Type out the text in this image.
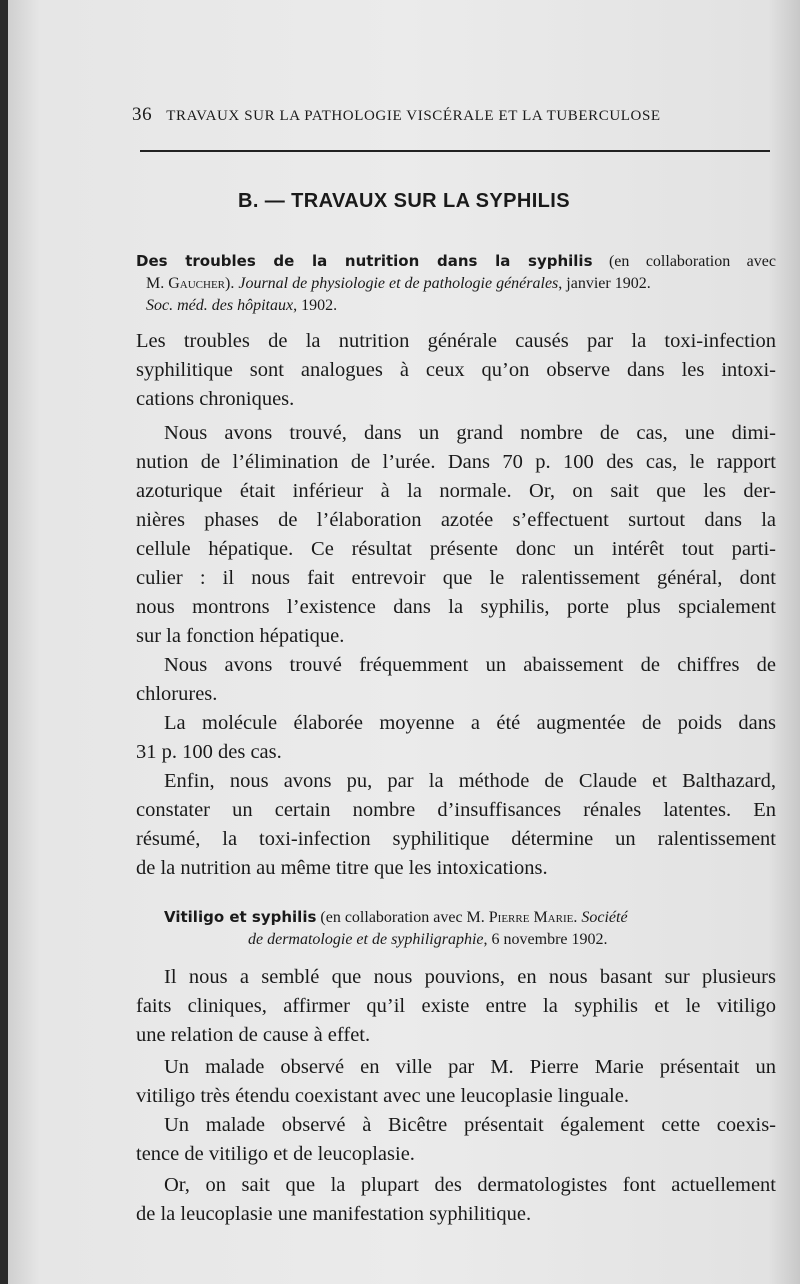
36 TRAVAUX SUR LA PATHOLOGIE VISCÉRALE ET LA TUBERCULOSE
B. — TRAVAUX SUR LA SYPHILIS
Des troubles de la nutrition dans la syphilis (en collaboration avec
M. Gaucher). Journal de physiologie et de pathologie générales, janvier 1902.
Soc. méd. des hôpitaux, 1902.
Les troubles de la nutrition générale causés par la toxi-infection
syphilitique sont analogues à ceux qu’on observe dans les intoxi-
cations chroniques.
Nous avons trouvé, dans un grand nombre de cas, une dimi-
nution de l’élimination de l’urée. Dans 70 p. 100 des cas, le rapport
azoturique était inférieur à la normale. Or, on sait que les der-
nières phases de l’élaboration azotée s’effectuent surtout dans la
cellule hépatique. Ce résultat présente donc un intérêt tout parti-
culier : il nous fait entrevoir que le ralentissement général, dont
nous montrons l’existence dans la syphilis, porte plus spcialement
sur la fonction hépatique.
Nous avons trouvé fréquemment un abaissement de chiffres de
chlorures.
La molécule élaborée moyenne a été augmentée de poids dans
31 p. 100 des cas.
Enfin, nous avons pu, par la méthode de Claude et Balthazard,
constater un certain nombre d’insuffisances rénales latentes. En
résumé, la toxi-infection syphilitique détermine un ralentissement
de la nutrition au même titre que les intoxications.
Vitiligo et syphilis (en collaboration avec M. Pierre Marie. Société
de dermatologie et de syphiligraphie, 6 novembre 1902.
Il nous a semblé que nous pouvions, en nous basant sur plusieurs
faits cliniques, affirmer qu’il existe entre la syphilis et le vitiligo
une relation de cause à effet.
Un malade observé en ville par M. Pierre Marie présentait un
vitiligo très étendu coexistant avec une leucoplasie linguale.
Un malade observé à Bicêtre présentait également cette coexis-
tence de vitiligo et de leucoplasie.
Or, on sait que la plupart des dermatologistes font actuellement
de la leucoplasie une manifestation syphilitique.
